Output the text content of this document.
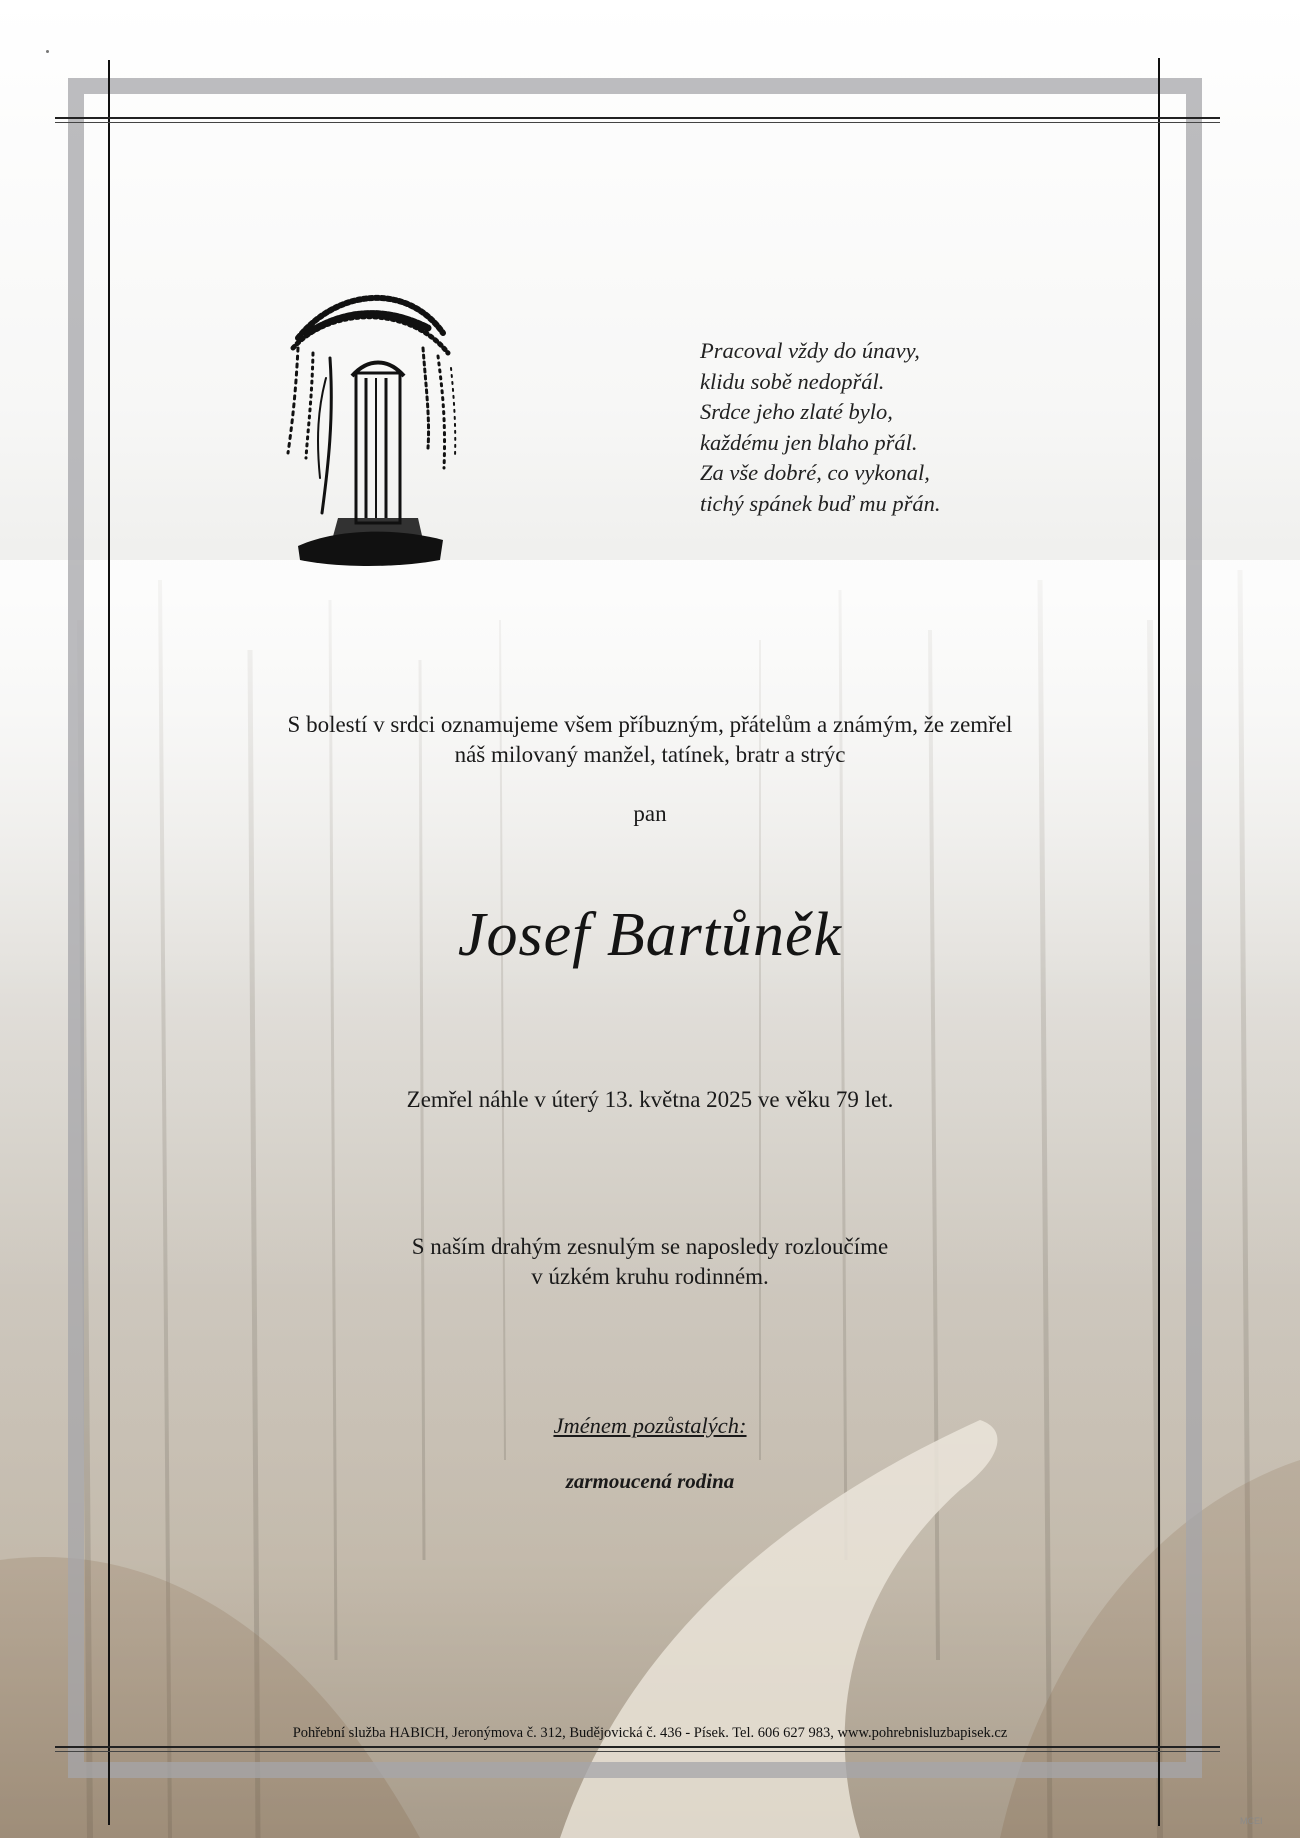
Pracoval vždy do únavy,
klidu sobě nedopřál.
Srdce jeho zlaté bylo,
každému jen blaho přál.
Za vše dobré, co vykonal,
tichý spánek buď mu přán.
S bolestí v srdci oznamujeme všem příbuzným, přátelům a známým, že zemřel
náš milovaný manžel, tatínek, bratr a strýc
pan
Josef Bartůněk
Zemřel náhle v úterý 13. května 2025 ve věku 79 let.
S naším drahým zesnulým se naposledy rozloučíme
v úzkém kruhu rodinném.
Jménem pozůstalých:
zarmoucená rodina
Pohřební služba HABICH, Jeronýmova č. 312, Budějovická č. 436 - Písek. Tel. 606 627 983, www.pohrebnisluzbapisek.cz
MCEI
